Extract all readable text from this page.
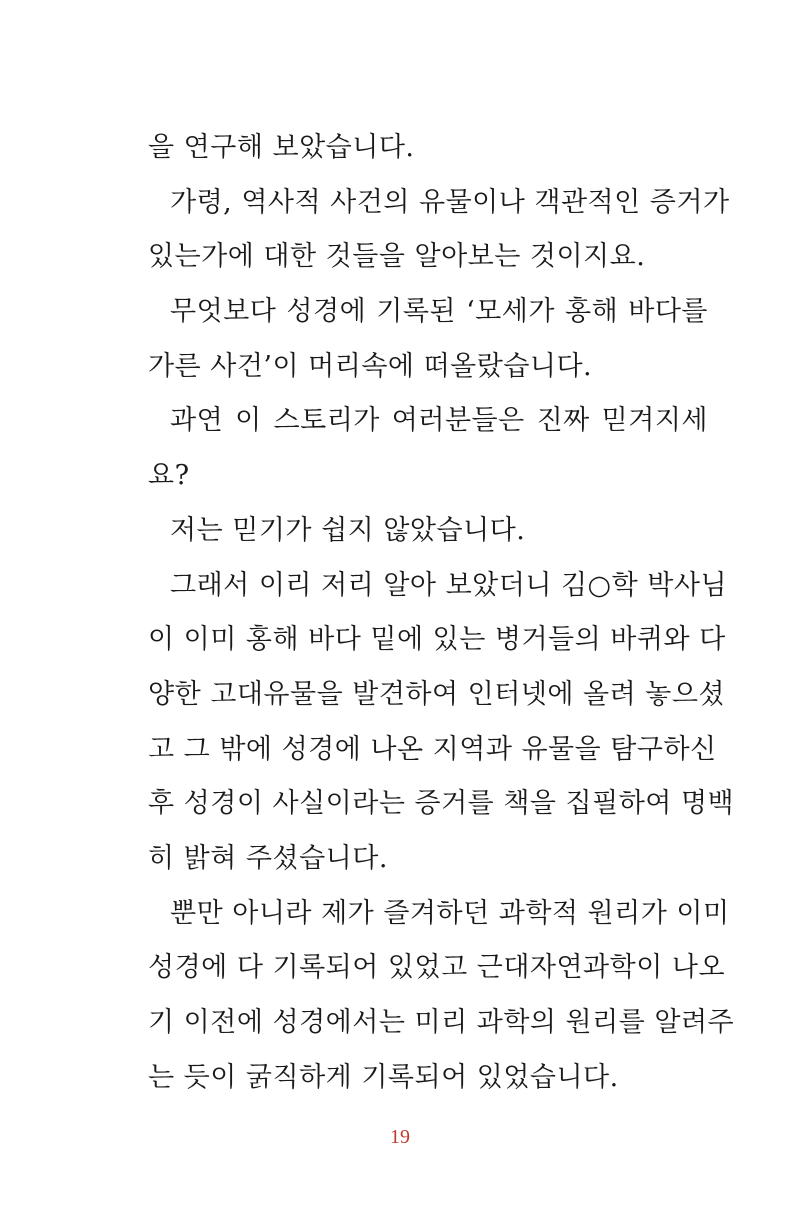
을 연구해 보았습니다.
가령, 역사적 사건의 유물이나 객관적인 증거가
있는가에 대한 것들을 알아보는 것이지요.
무엇보다 성경에 기록된 ‘모세가 홍해 바다를
가른 사건’이 머리속에 떠올랐습니다.
과연 이 스토리가 여러분들은 진짜 믿겨지세
요?
저는 믿기가 쉽지 않았습니다.
그래서 이리 저리 알아 보았더니 김○학 박사님
이 이미 홍해 바다 밑에 있는 병거들의 바퀴와 다
양한 고대유물을 발견하여 인터넷에 올려 놓으셨
고 그 밖에 성경에 나온 지역과 유물을 탐구하신
후 성경이 사실이라는 증거를 책을 집필하여 명백
히 밝혀 주셨습니다.
뿐만 아니라 제가 즐겨하던 과학적 원리가 이미
성경에 다 기록되어 있었고 근대자연과학이 나오
기 이전에 성경에서는 미리 과학의 원리를 알려주
는 듯이 굵직하게 기록되어 있었습니다.
19
